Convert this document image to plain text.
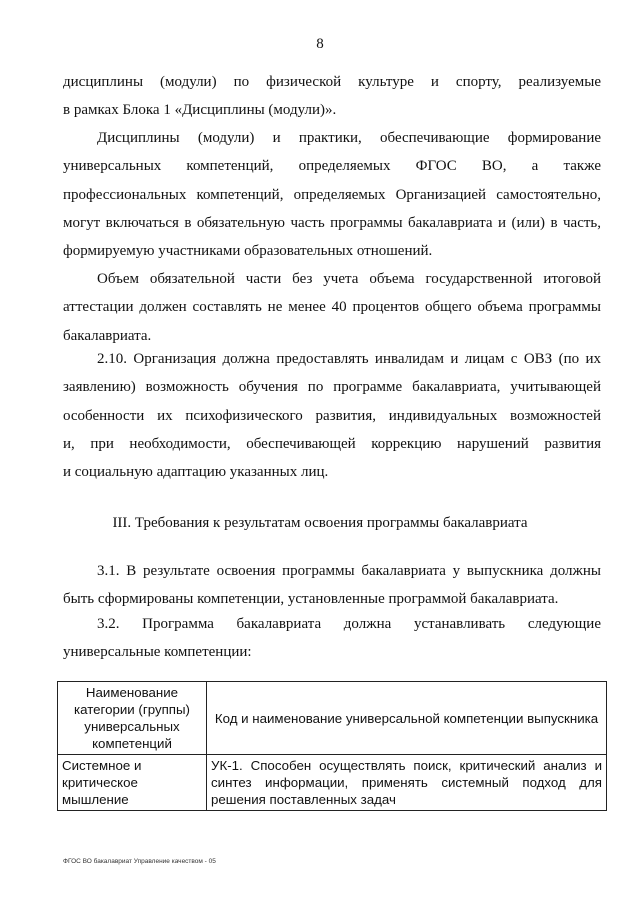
8
дисциплины (модули) по физической культуре и спорту, реализуемые
в рамках Блока 1 «Дисциплины (модули)».
Дисциплины (модули) и практики, обеспечивающие формирование
универсальных компетенций, определяемых ФГОС ВО, а также
профессиональных компетенций, определяемых Организацией самостоятельно,
могут включаться в обязательную часть программы бакалавриата и (или) в часть,
формируемую участниками образовательных отношений.
Объем обязательной части без учета объема государственной итоговой
аттестации должен составлять не менее 40 процентов общего объема программы
бакалавриата.
2.10. Организация должна предоставлять инвалидам и лицам с ОВЗ (по их
заявлению) возможность обучения по программе бакалавриата, учитывающей
особенности их психофизического развития, индивидуальных возможностей
и, при необходимости, обеспечивающей коррекцию нарушений развития
и социальную адаптацию указанных лиц.
III. Требования к результатам освоения программы бакалавриата
3.1. В результате освоения программы бакалавриата у выпускника должны
быть сформированы компетенции, установленные программой бакалавриата.
3.2. Программа бакалавриата должна устанавливать следующие
универсальные компетенции:
Наименование категории (группы) универсальных компетенций	Код и наименование универсальной компетенции выпускника
Системное и критическое мышление	УК-1. Способен осуществлять поиск, критический анализ и синтез информации, применять системный подход для решения поставленных задач
ФГОС ВО бакалавриат Управление качеством - 05
